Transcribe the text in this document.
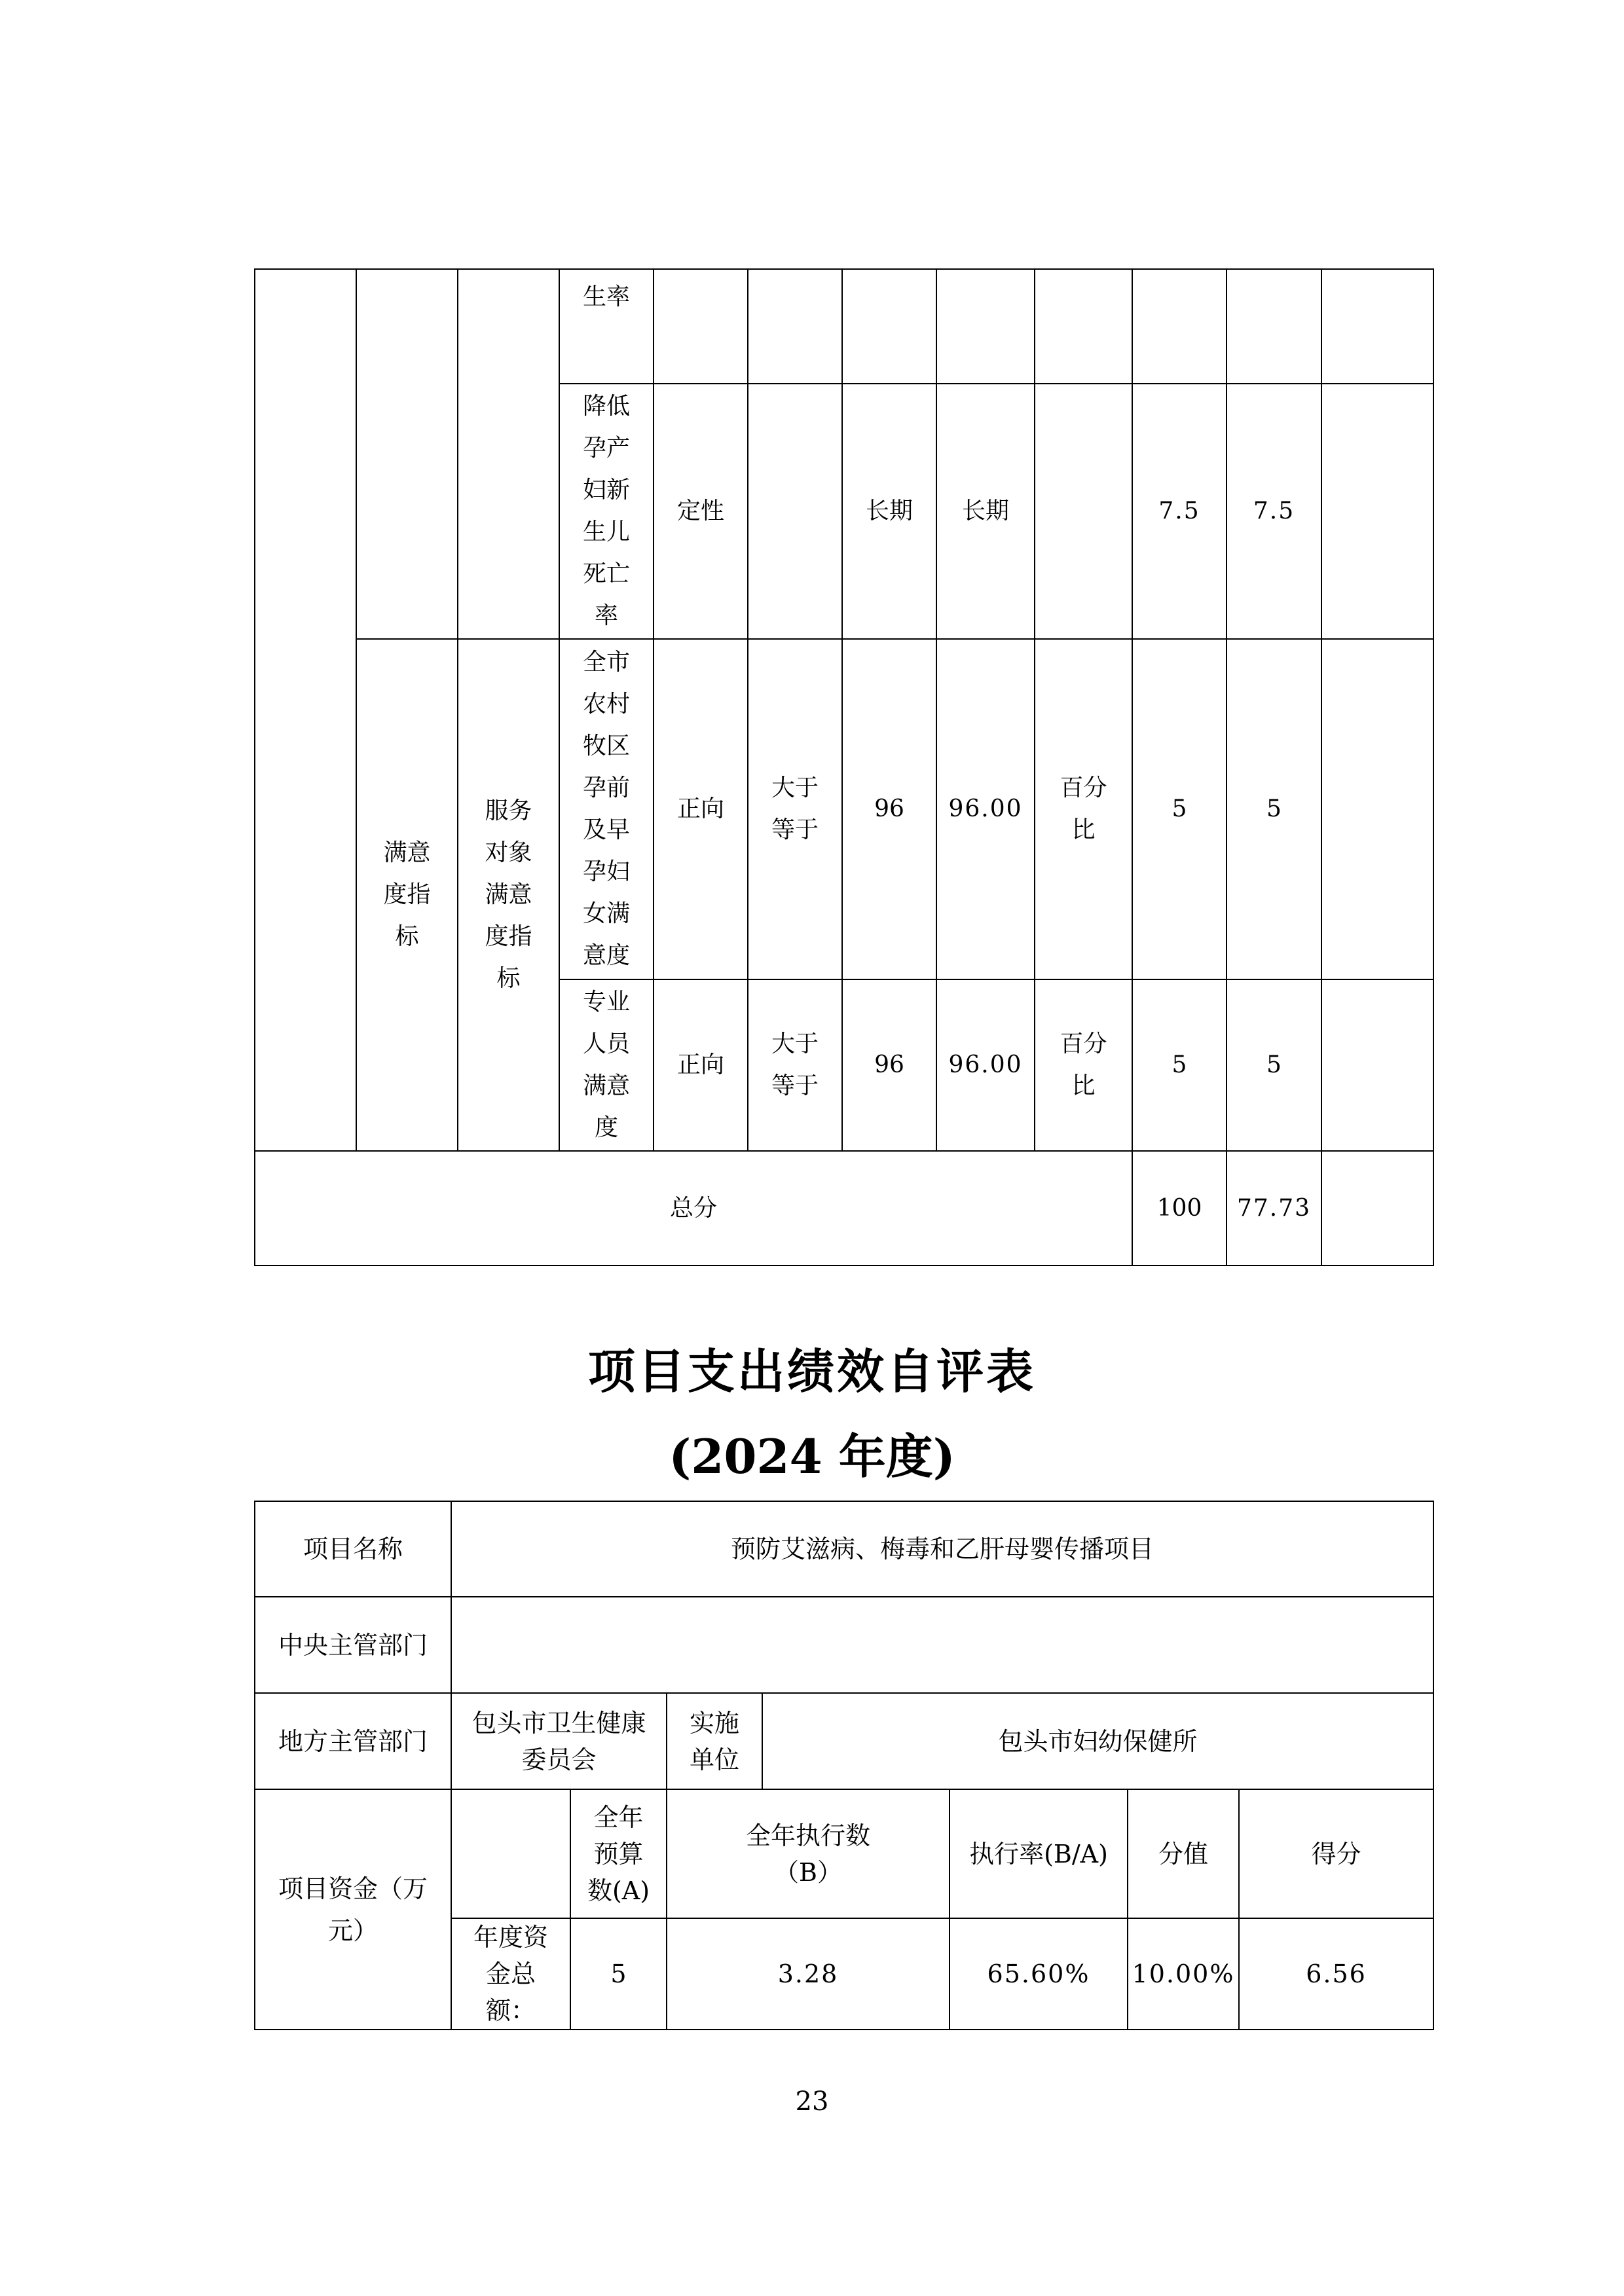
			生率								
			降低孕产妇新生儿死亡率	定性		长期	长期		7.5	7.5	
	满意度指标	服务对象满意度指标	全市农村牧区孕前及早孕妇女满意度	正向	大于等于	96	96.00	百分比	5	5	
			专业人员满意度	正向	大于等于	96	96.00	百分比	5	5	
总分									100	77.73	
项目支出绩效自评表
(2024 年度)
项目名称	预防艾滋病、梅毒和乙肝母婴传播项目						
中央主管部门							
地方主管部门	包头市卫生健康委员会		实施单位	包头市妇幼保健所			
项目资金（万元）		全年预算数(A)	全年执行数（B）		执行率(B/A)	分值	得分
	年度资金总额：	5	3.28		65.60%	10.00%	6.56
23
